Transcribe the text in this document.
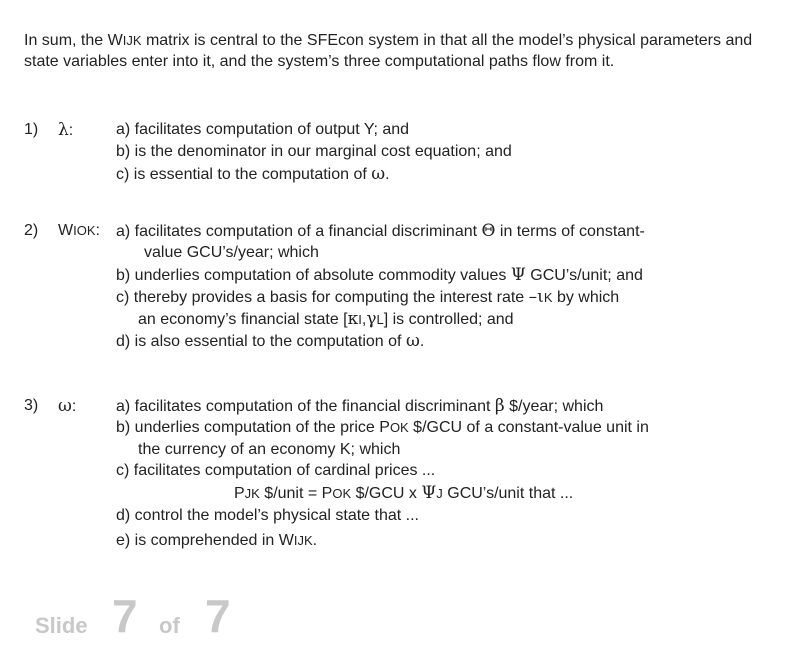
In sum, the WIJK matrix is central to the SFEcon system in that all the model’s physical parameters and state variables enter into it, and the system’s three computational paths flow from it.
1) λ:	a) facilitates computation of output Y; and
b) is the denominator in our marginal cost equation; and
c) is essential to the computation of ω.
2) WIOK: a) facilitates computation of a financial discriminant Θ in terms of constant-
value GCU’s/year; which
b) underlies computation of absolute commodity values Ψ GCU’s/unit; and
c) thereby provides a basis for computing the interest rate –ιK by which
an economy’s financial state [κI,γL] is controlled; and
d) is also essential to the computation of ω.
3) ω: a) facilitates computation of the financial discriminant β $/year; which
b) underlies computation of the price POK $/GCU of a constant-value unit in
the currency of an economy K; which
c) facilitates computation of cardinal prices ...
PJK $/unit = POK $/GCU x ΨJ GCU’s/unit that ...
d) control the model’s physical state that ...
e) is comprehended in WIJK.
Slide 7 of 7
